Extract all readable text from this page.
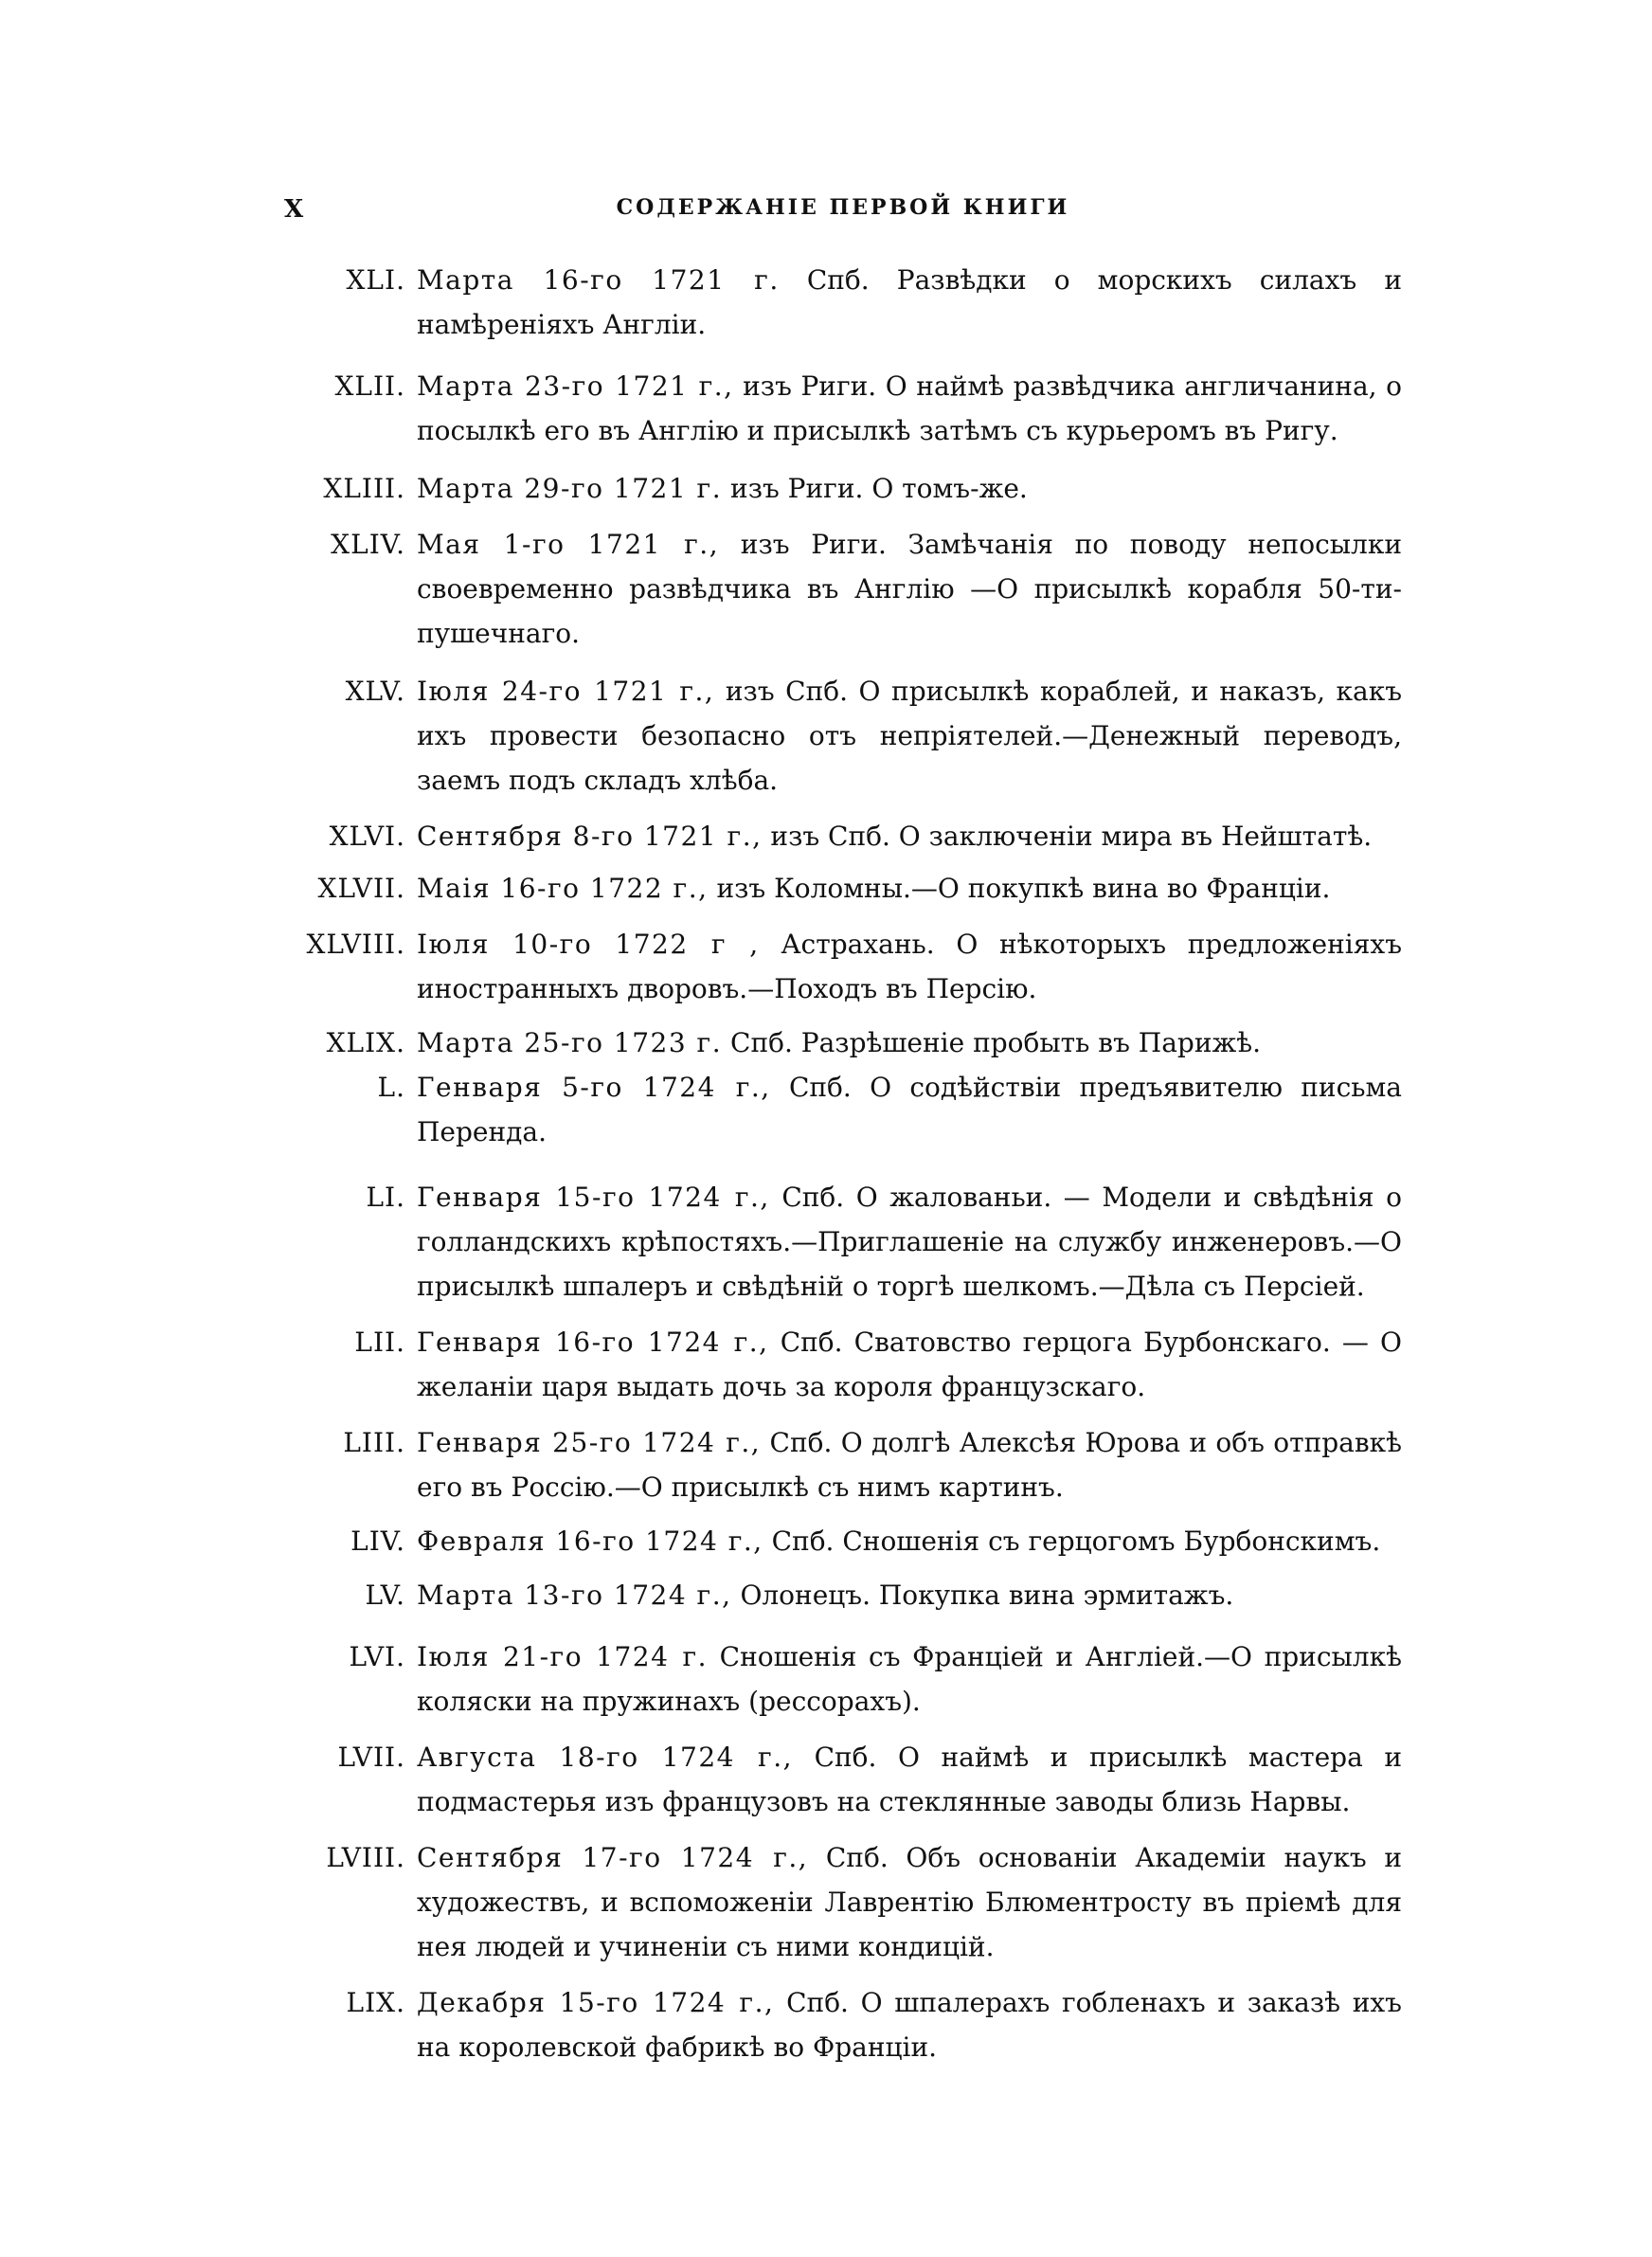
X	СОДЕРЖАНІЕ ПЕРВОЙ КНИГИ
XLI. Марта 16-го 1721 г. Спб. Развѣдки о морскихъ силахъ и намѣреніяхъ Англіи.
XLII. Марта 23-го 1721 г., изъ Риги. О наймѣ развѣдчика англичанина, о посылкѣ его въ Англію и присылкѣ затѣмъ съ курьеромъ въ Ригу.
XLIII. Марта 29-го 1721 г. изъ Риги. О томъ-же.
XLIV. Мая 1-го 1721 г., изъ Риги. Замѣчанія по поводу непосылки своевременно развѣдчика въ Англію —О присылкѣ корабля 50-ти-пушечнаго.
XLV. Іюля 24-го 1721 г., изъ Спб. О присылкѣ кораблей, и наказъ, какъ ихъ провести безопасно отъ непріятелей.—Денежный переводъ, заемъ подъ складъ хлѣба.
XLVI. Сентября 8-го 1721 г., изъ Спб. О заключеніи мира въ Нейштатѣ.
XLVII. Маія 16-го 1722 г., изъ Коломны.—О покупкѣ вина во Франціи.
XLVIII. Іюля 10-го 1722 г , Астрахань. О нѣкоторыхъ предложеніяхъ иностранныхъ дворовъ.—Походъ въ Персію.
XLIX. Марта 25-го 1723 г. Спб. Разрѣшеніе пробыть въ Парижѣ.
L. Генваря 5-го 1724 г., Спб. О содѣйствіи предъявителю письма Перенда.
LI. Генваря 15-го 1724 г., Спб. О жалованьи. — Модели и свѣдѣнія о голландскихъ крѣпостяхъ.—Приглашеніе на службу инженеровъ.—О присылкѣ шпалеръ и свѣдѣній о торгѣ шелкомъ.—Дѣла съ Персіей.
LII. Генваря 16-го 1724 г., Спб. Сватовство герцога Бурбонскаго. — О желаніи царя выдать дочь за короля французскаго.
LIII. Генваря 25-го 1724 г., Спб. О долгѣ Алексѣя Юрова и объ отправкѣ его въ Россію.—О присылкѣ съ нимъ картинъ.
LIV. Февраля 16-го 1724 г., Спб. Сношенія съ герцогомъ Бурбонскимъ.
LV. Марта 13-го 1724 г., Олонецъ. Покупка вина эрмитажъ.
LVI. Іюля 21-го 1724 г. Сношенія съ Франціей и Англіей.—О присылкѣ коляски на пружинахъ (рессорахъ).
LVII. Августа 18-го 1724 г., Спб. О наймѣ и присылкѣ мастера и подмастерья изъ французовъ на стеклянные заводы близь Нарвы.
LVIII. Сентября 17-го 1724 г., Спб. Объ основаніи Академіи наукъ и художествъ, и вспоможеніи Лаврентію Блюментросту въ пріемѣ для нея людей и учиненіи съ ними кондицій.
LIX. Декабря 15-го 1724 г., Спб. О шпалерахъ гобленахъ и заказѣ ихъ на королевской фабрикѣ во Франціи.
